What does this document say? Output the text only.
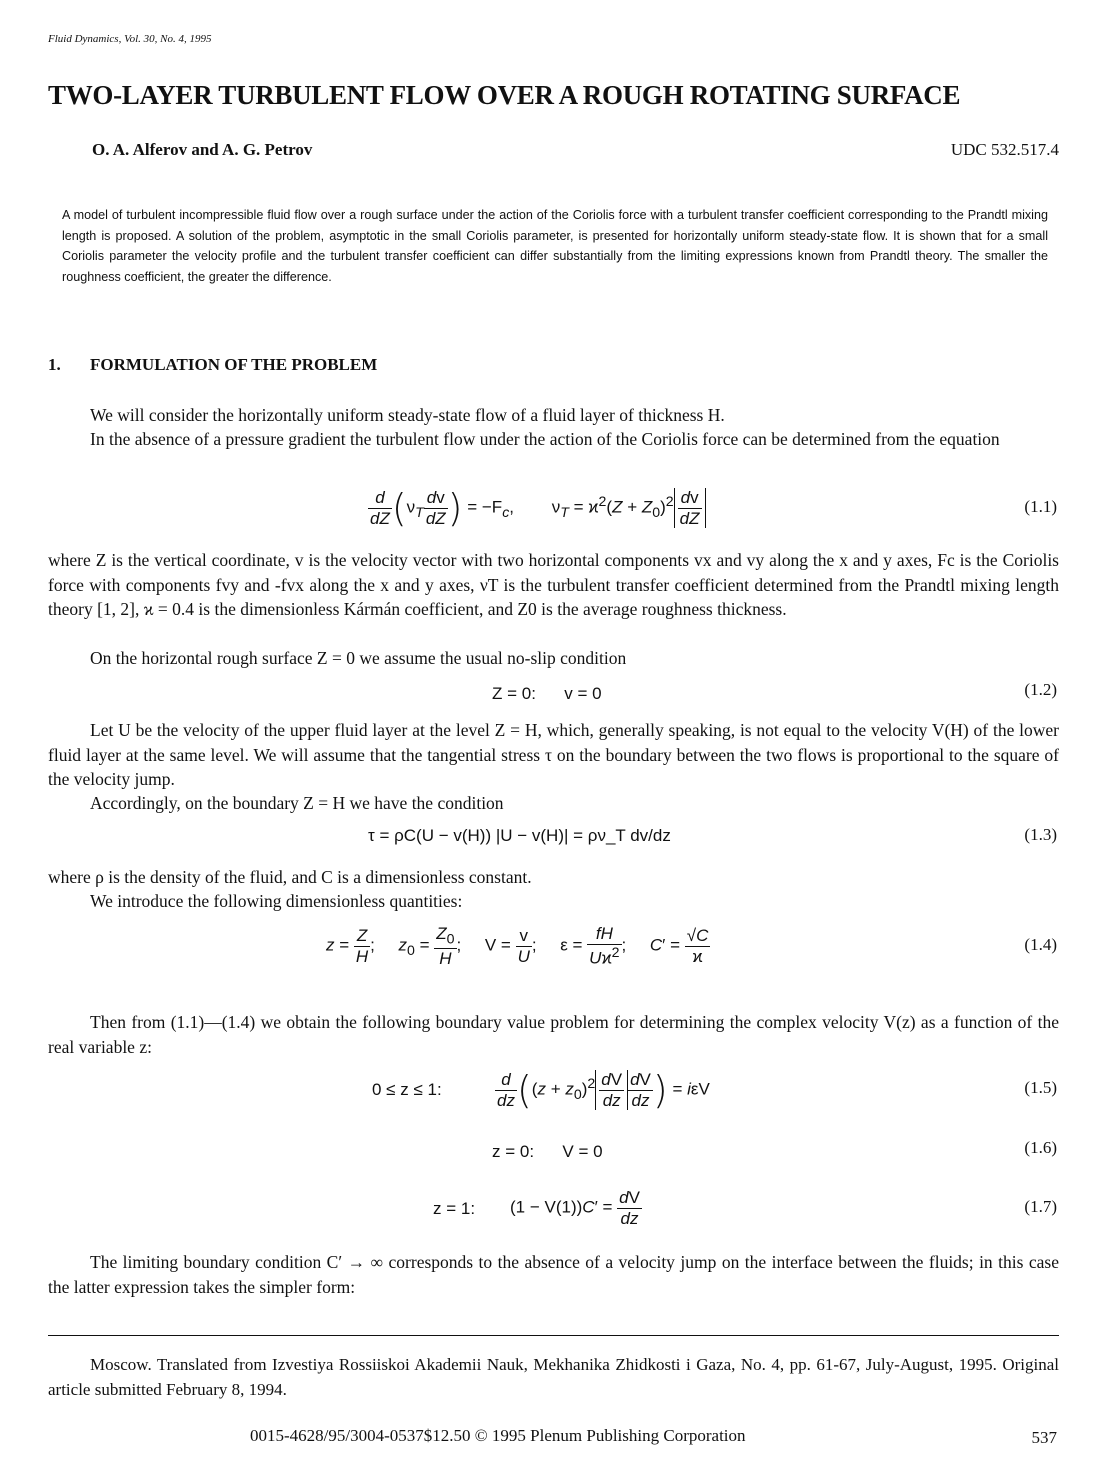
Fluid Dynamics, Vol. 30, No. 4, 1995
TWO-LAYER TURBULENT FLOW OVER A ROUGH ROTATING SURFACE
O. A. Alferov and A. G. Petrov	UDC 532.517.4
A model of turbulent incompressible fluid flow over a rough surface under the action of the Coriolis force with a turbulent transfer coefficient corresponding to the Prandtl mixing length is proposed. A solution of the problem, asymptotic in the small Coriolis parameter, is presented for horizontally uniform steady-state flow. It is shown that for a small Coriolis parameter the velocity profile and the turbulent transfer coefficient can differ substantially from the limiting expressions known from Prandtl theory. The smaller the roughness coefficient, the greater the difference.
1. FORMULATION OF THE PROBLEM

We will consider the horizontally uniform steady-state flow of a fluid layer of thickness H.

In the absence of a pressure gradient the turbulent flow under the action of the Coriolis force can be determined from the equation

$\frac{d}{dZ} (\nu_T \frac{dv}{dZ}$ ) = $-F_c$,        $\nu_T = ϰ^2(Z + Z_0)^2 \frac{dv}{dZ}$	(1.1)

where Z is the vertical coordinate, v is the velocity vector with two horizontal components vx and vy along the x and y axes, Fc is the Coriolis force with components fvy and -fvx along the x and y axes, νT is the turbulent transfer coefficient determined from the Prandtl mixing length theory [1, 2], ϰ = 0.4 is the dimensionless Kármán coefficient, and Z0 is the average roughness thickness.

On the horizontal rough surface Z = 0 we assume the usual no-slip condition

Z = 0:      v = 0	(1.2)

Let U be the velocity of the upper fluid layer at the level Z = H, which, generally speaking, is not equal to the velocity V(H) of the lower fluid layer at the same level. We will assume that the tangential stress τ on the boundary between the two flows is proportional to the square of the velocity jump.

Accordingly, on the boundary Z = H we have the condition

τ = ρC(U − v(H)) |U − v(H)| = ρν_T dv/dz	(1.3)

where ρ is the density of the fluid, and C is a dimensionless constant.

We introduce the following dimensionless quantities:

$z = \frac{Z}{H}$ ;     $z_0 = \frac{Z_0}{H}$ ;     $V = \frac{v}{U}$ ;     $\varepsilon = \frac{fH}{Uϰ^2}$ ;     $C' = \frac{√C}{ϰ}$	(1.4)

Then from (1.1)—(1.4) we obtain the following boundary value problem for determining the complex velocity V(z) as a function of the real variable z:

0 ≤ z ≤ 1:	$\frac{d}{dz} ((z + z_0)^2 \frac{dV}{dz} \frac{dV}{dz}$ ) = iεV	(1.5)
z = 0:      V = 0	(1.6)
z = 1: $(1 - V(1))C' = \frac{dV}{dz}$	(1.7)

The limiting boundary condition C′ → ∞ corresponds to the absence of a velocity jump on the interface between the fluids; in this case the latter expression takes the simpler form:

Moscow. Translated from Izvestiya Rossiiskoi Akademii Nauk, Mekhanika Zhidkosti i Gaza, No. 4, pp. 61-67, July-August, 1995. Original article submitted February 8, 1994.
0015-4628/95/3004-0537$12.50 © 1995 Plenum Publishing Corporation	537
